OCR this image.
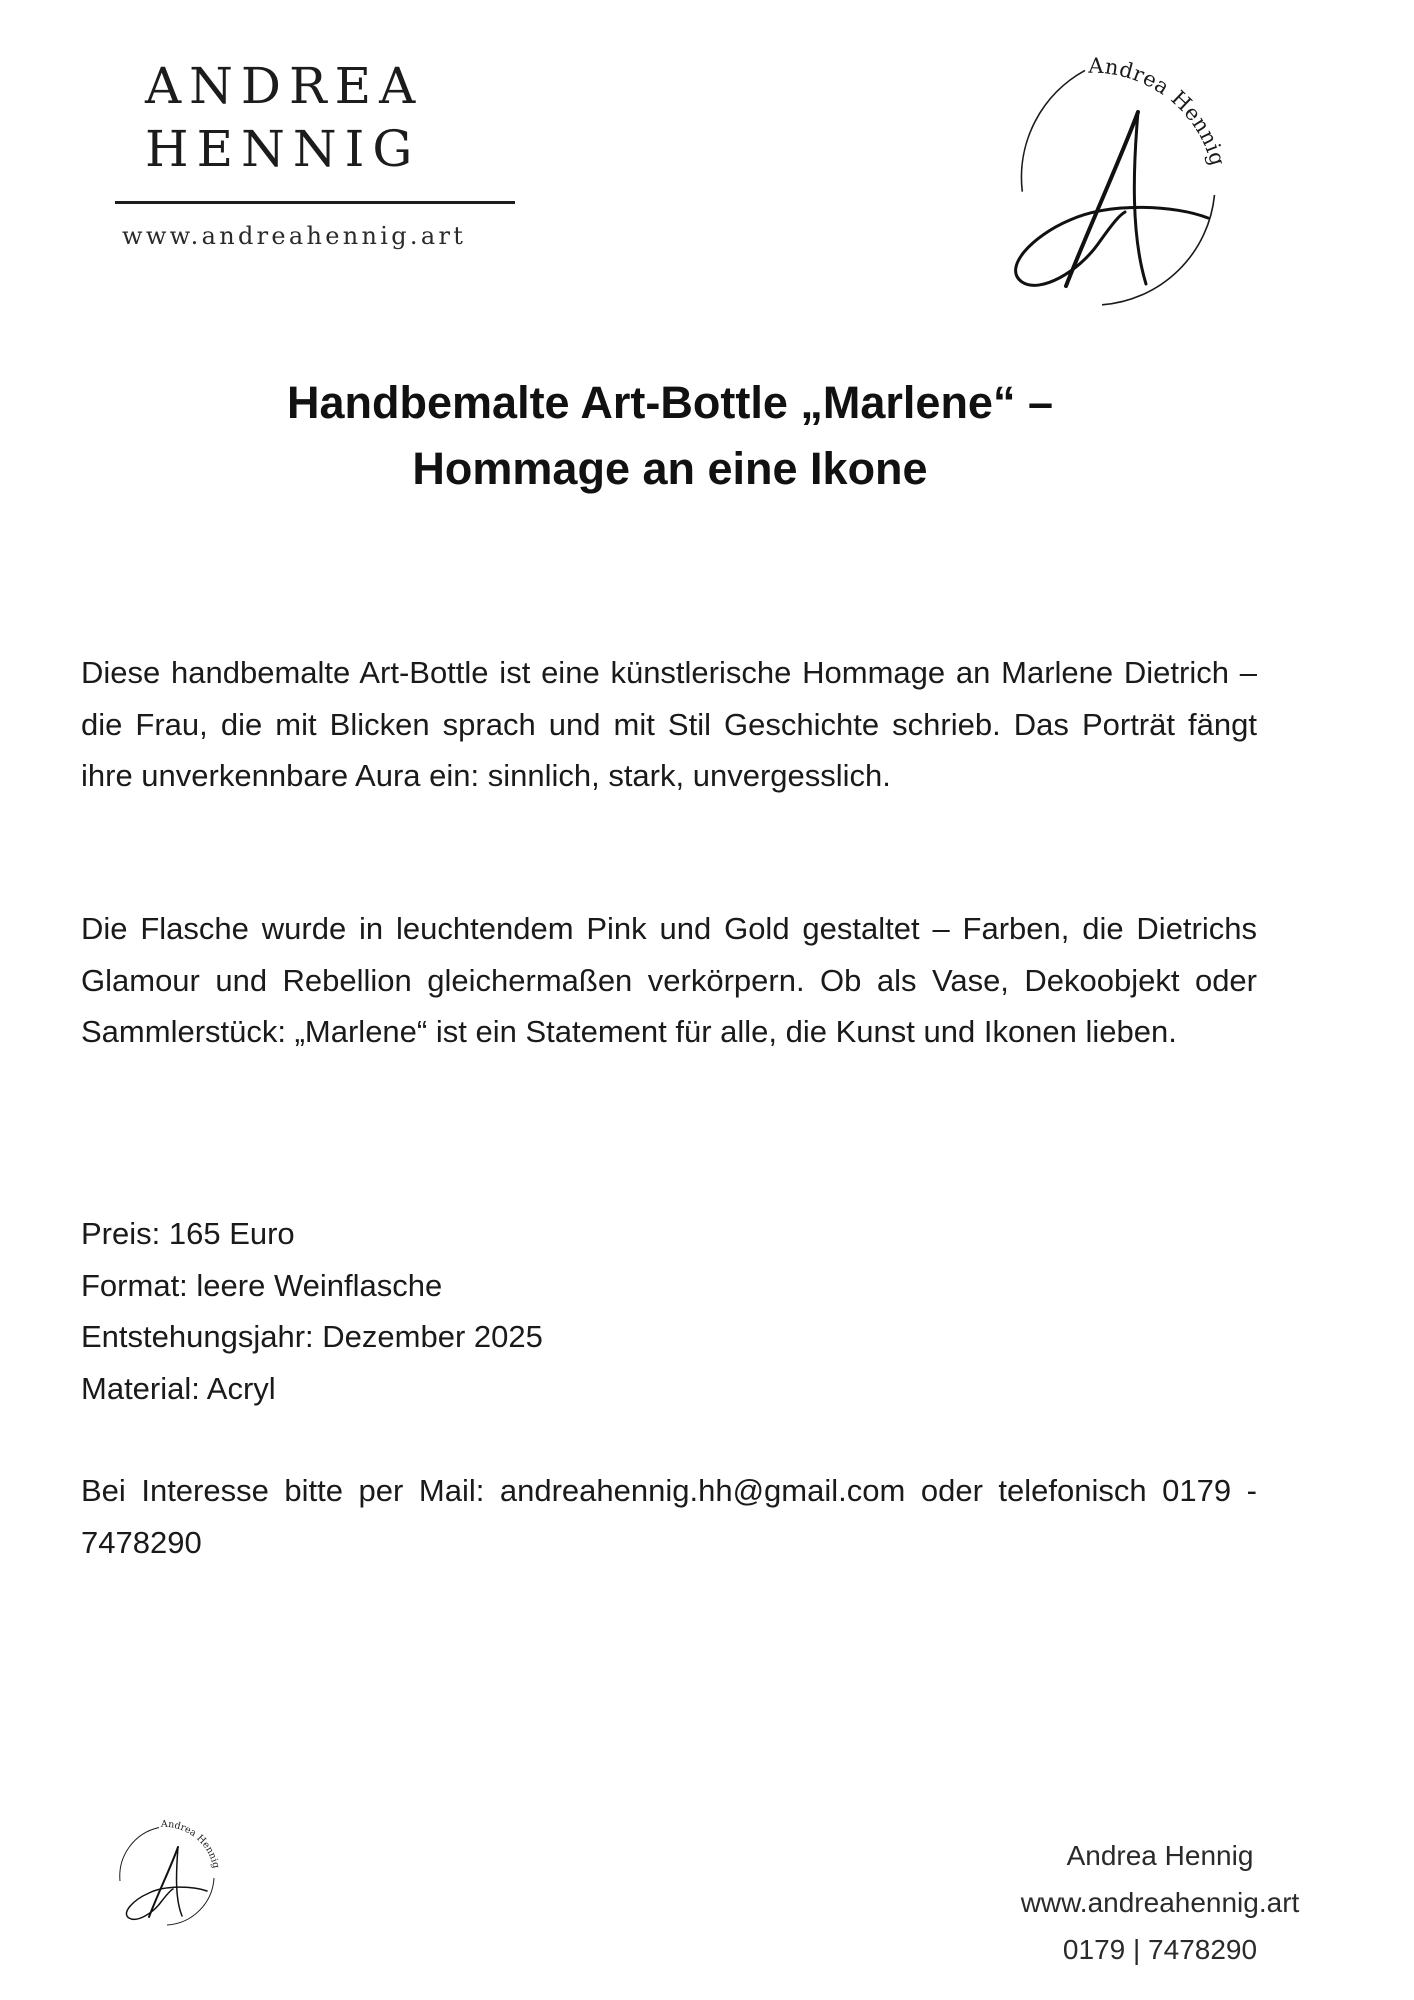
ANDREA
HENNIG
www.andreahennig.art
Andrea Hennig
Handbemalte Art-Bottle „Marlene“ –
Hommage an eine Ikone

Diese handbemalte Art-Bottle ist eine künstlerische Hommage an Marlene Dietrich – die Frau, die mit Blicken sprach und mit Stil Geschichte schrieb. Das Porträt fängt ihre unverkennbare Aura ein: sinnlich, stark, unvergesslich.

Die Flasche wurde in leuchtendem Pink und Gold gestaltet – Farben, die Dietrichs Glamour und Rebellion gleichermaßen verkörpern. Ob als Vase, Dekoobjekt oder Sammlerstück: „Marlene“ ist ein Statement für alle, die Kunst und Ikonen lieben.

Preis: 165 Euro
Format: leere Weinflasche
Entstehungsjahr: Dezember 2025
Material: Acryl

Bei Interesse bitte per Mail: andreahennig.hh@gmail.com oder telefonisch 0179 - 7478290

Andrea Hennig	Andrea Hennig
www.andreahennig.art
0179 | 7478290
